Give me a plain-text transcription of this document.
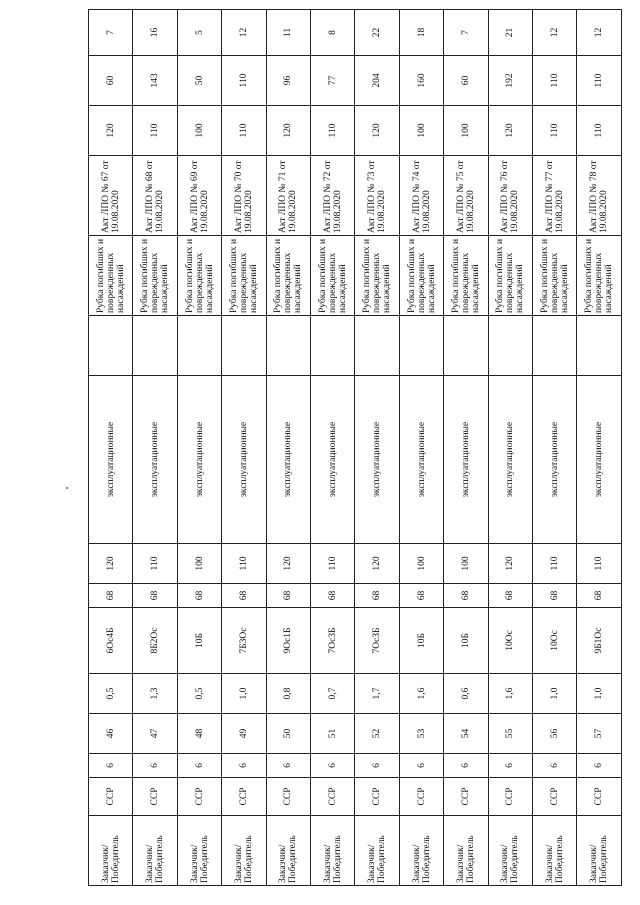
Заказчик/ Победитель	ССР	6	46	0,5	6Ос4Б	68	120	эксплуатационные		Рубка погибших и поврежденных насаждений	Акт ЛПО № 67 от 19.08.2020	120	60	7
Заказчик/ Победитель	ССР	6	47	1,3	8Б2Ос	68	110	эксплуатационные		Рубка погибших и поврежденных насаждений	Акт ЛПО № 68 от 19.08.2020	110	143	16
Заказчик/ Победитель	ССР	6	48	0,5	10Б	68	100	эксплуатационные		Рубка погибших и поврежденных насаждений	Акт ЛПО № 69 от 19.08.2020	100	50	5
Заказчик/ Победитель	ССР	6	49	1,0	7Б3Ос	68	110	эксплуатационные		Рубка погибших и поврежденных насаждений	Акт ЛПО № 70 от 19.08.2020	110	110	12
Заказчик/ Победитель	ССР	6	50	0,8	9Ос1Б	68	120	эксплуатационные		Рубка погибших и поврежденных насаждений	Акт ЛПО № 71 от 19.08.2020	120	96	11
Заказчик/ Победитель	ССР	6	51	0,7	7Ос3Б	68	110	эксплуатационные		Рубка погибших и поврежденных насаждений	Акт ЛПО № 72 от 19.08.2020	110	77	8
Заказчик/ Победитель	ССР	6	52	1,7	7Ос3Б	68	120	эксплуатационные		Рубка погибших и поврежденных насаждений	Акт ЛПО № 73 от 19.08.2020	120	204	22
Заказчик/ Победитель	ССР	6	53	1,6	10Б	68	100	эксплуатационные		Рубка погибших и поврежденных насаждений	Акт ЛПО № 74 от 19.08.2020	100	160	18
Заказчик/ Победитель	ССР	6	54	0,6	10Б	68	100	эксплуатационные		Рубка погибших и поврежденных насаждений	Акт ЛПО № 75 от 19.08.2020	100	60	7
Заказчик/ Победитель	ССР	6	55	1,6	10Ос	68	120	эксплуатационные		Рубка погибших и поврежденных насаждений	Акт ЛПО № 76 от 19.08.2020	120	192	21
Заказчик/ Победитель	ССР	6	56	1,0	10Ос	68	110	эксплуатационные		Рубка погибших и поврежденных насаждений	Акт ЛПО № 77 от 19.08.2020	110	110	12
Заказчик/ Победитель	ССР	6	57	1,0	9Б1Ос	68	110	эксплуатационные		Рубка погибших и поврежденных насаждений	Акт ЛПО № 78 от 19.08.2020	110	110	12
